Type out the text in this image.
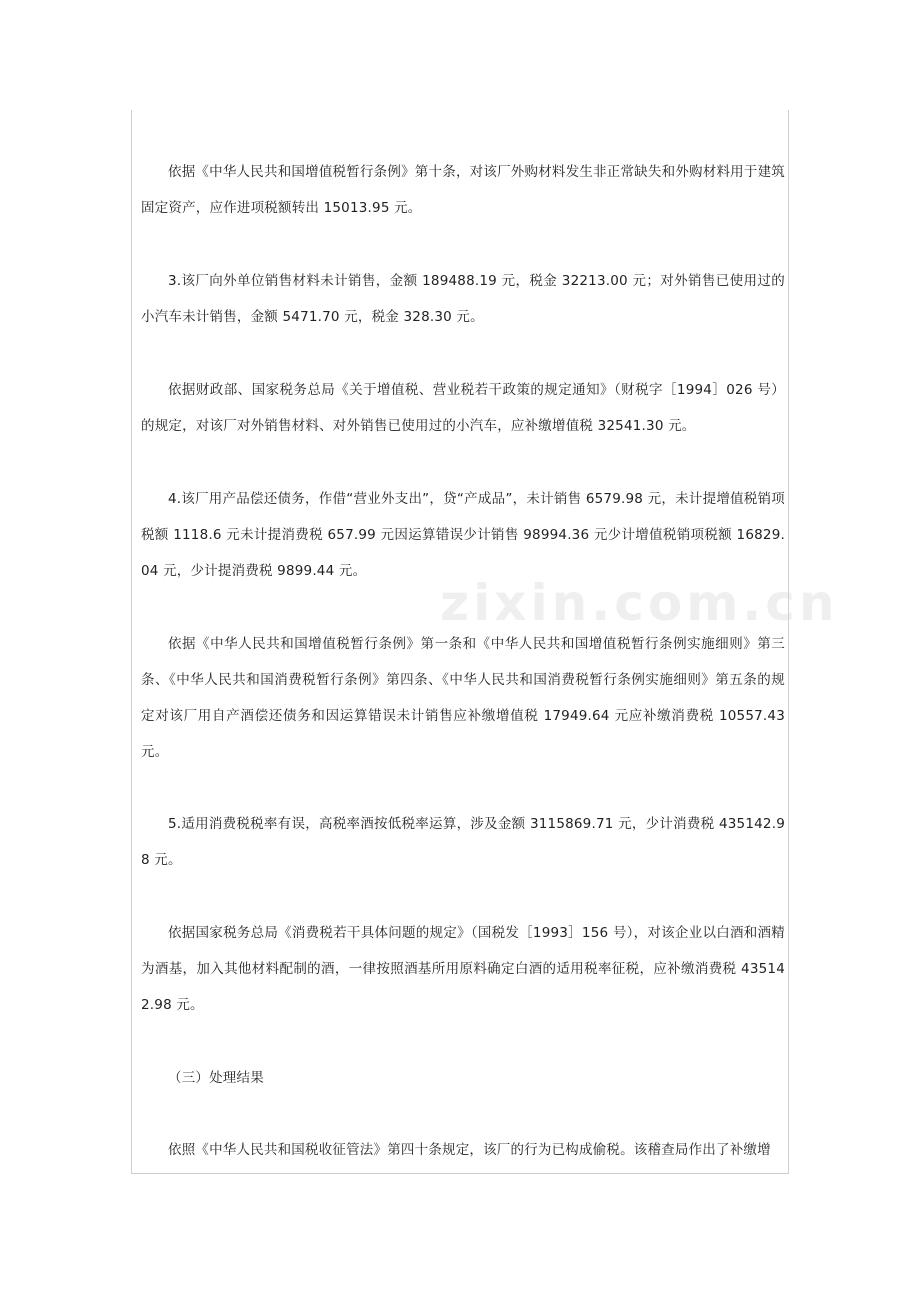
依据《中华人民共和国增值税暂行条例》第十条，对该厂外购材料发生非正常缺失和外购材料用于建筑固定资产，应作进项税额转出 15013.95 元。

3.该厂向外单位销售材料未计销售，金额 189488.19 元，税金 32213.00 元；对外销售已使用过的小汽车未计销售，金额 5471.70 元，税金 328.30 元。

依据财政部、国家税务总局《关于增值税、营业税若干政策的规定通知》（财税字［1994］026 号）的规定，对该厂对外销售材料、对外销售已使用过的小汽车，应补缴增值税 32541.30 元。

4.该厂用产品偿还债务，作借“营业外支出”，贷“产成品”，未计销售 6579.98 元，未计提增值税销项税额 1118.6 元未计提消费税 657.99 元因运算错误少计销售 98994.36 元少计增值税销项税额 16829.04 元，少计提消费税 9899.44 元。

依据《中华人民共和国增值税暂行条例》第一条和《中华人民共和国增值税暂行条例实施细则》第三条、《中华人民共和国消费税暂行条例》第四条、《中华人民共和国消费税暂行条例实施细则》第五条的规定对该厂用自产酒偿还债务和因运算错误未计销售应补缴增值税 17949.64 元应补缴消费税 10557.43 元。

5.适用消费税税率有误，高税率酒按低税率运算，涉及金额 3115869.71 元，少计消费税 435142.98 元。

依据国家税务总局《消费税若干具体问题的规定》（国税发［1993］156 号），对该企业以白酒和酒精为酒基，加入其他材料配制的酒，一律按照酒基所用原料确定白酒的适用税率征税，应补缴消费税 435142.98 元。

（三）处理结果

依照《中华人民共和国税收征管法》第四十条规定，该厂的行为已构成偷税。该稽查局作出了补缴增

zixin.com.cn
